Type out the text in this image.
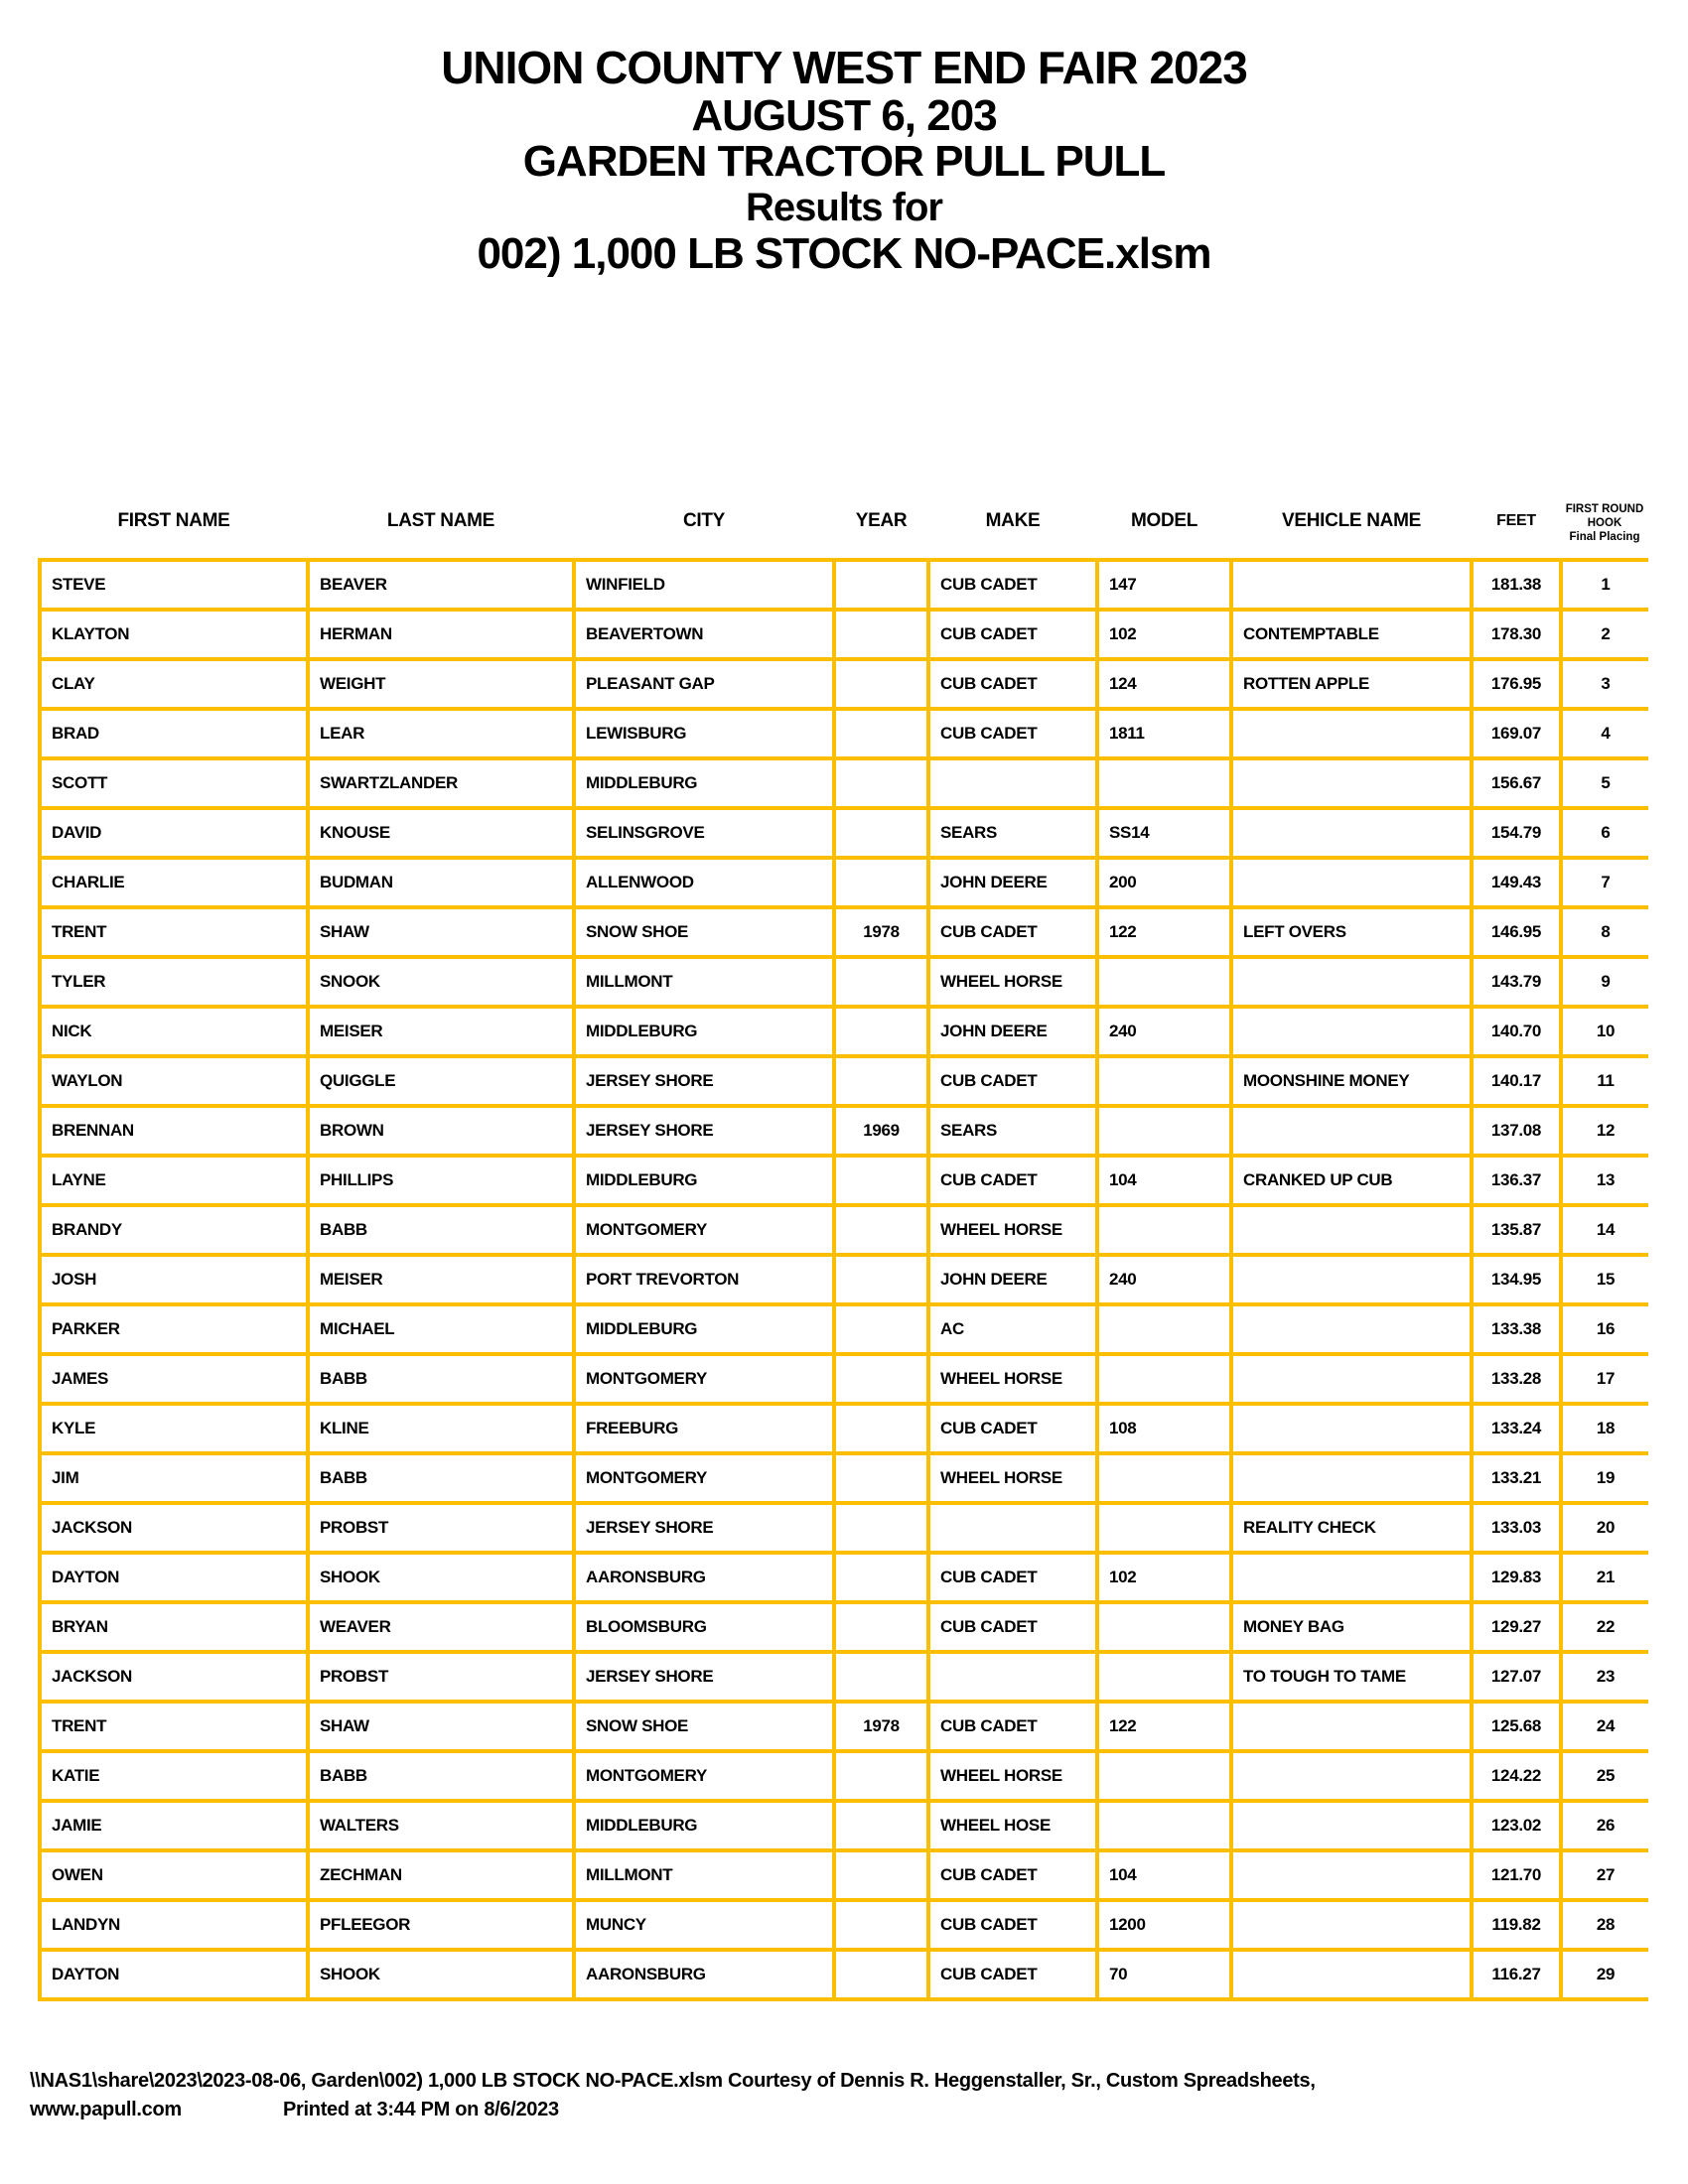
UNION COUNTY WEST END FAIR 2023
AUGUST 6, 203
GARDEN TRACTOR PULL PULL
Results for
002) 1,000 LB STOCK NO-PACE.xlsm
FIRST NAME	LAST NAME	CITY	YEAR	MAKE	MODEL	VEHICLE NAME	FEET	FIRST ROUND
HOOK
Final Placing

STEVE	BEAVER	WINFIELD		CUB CADET	147		181.38	1
KLAYTON	HERMAN	BEAVERTOWN		CUB CADET	102	CONTEMPTABLE	178.30	2
CLAY	WEIGHT	PLEASANT GAP		CUB CADET	124	ROTTEN APPLE	176.95	3
BRAD	LEAR	LEWISBURG		CUB CADET	1811		169.07	4
SCOTT	SWARTZLANDER	MIDDLEBURG					156.67	5
DAVID	KNOUSE	SELINSGROVE		SEARS	SS14		154.79	6
CHARLIE	BUDMAN	ALLENWOOD		JOHN DEERE	200		149.43	7
TRENT	SHAW	SNOW SHOE	1978	CUB CADET	122	LEFT OVERS	146.95	8
TYLER	SNOOK	MILLMONT		WHEEL HORSE			143.79	9
NICK	MEISER	MIDDLEBURG		JOHN DEERE	240		140.70	10
WAYLON	QUIGGLE	JERSEY SHORE		CUB CADET		MOONSHINE MONEY	140.17	11
BRENNAN	BROWN	JERSEY SHORE	1969	SEARS			137.08	12
LAYNE	PHILLIPS	MIDDLEBURG		CUB CADET	104	CRANKED UP CUB	136.37	13
BRANDY	BABB	MONTGOMERY		WHEEL HORSE			135.87	14
JOSH	MEISER	PORT TREVORTON		JOHN DEERE	240		134.95	15
PARKER	MICHAEL	MIDDLEBURG		AC			133.38	16
JAMES	BABB	MONTGOMERY		WHEEL HORSE			133.28	17
KYLE	KLINE	FREEBURG		CUB CADET	108		133.24	18
JIM	BABB	MONTGOMERY		WHEEL HORSE			133.21	19
JACKSON	PROBST	JERSEY SHORE				REALITY CHECK	133.03	20
DAYTON	SHOOK	AARONSBURG		CUB CADET	102		129.83	21
BRYAN	WEAVER	BLOOMSBURG		CUB CADET		MONEY BAG	129.27	22
JACKSON	PROBST	JERSEY SHORE				TO TOUGH TO TAME	127.07	23
TRENT	SHAW	SNOW SHOE	1978	CUB CADET	122		125.68	24
KATIE	BABB	MONTGOMERY		WHEEL HORSE			124.22	25
JAMIE	WALTERS	MIDDLEBURG		WHEEL HOSE			123.02	26
OWEN	ZECHMAN	MILLMONT		CUB CADET	104		121.70	27
LANDYN	PFLEEGOR	MUNCY		CUB CADET	1200		119.82	28
DAYTON	SHOOK	AARONSBURG		CUB CADET	70		116.27	29
\\NAS1\share\2023\2023-08-06, Garden\002) 1,000 LB STOCK NO-PACE.xlsm Courtesy of Dennis R. Heggenstaller, Sr., Custom Spreadsheets,
www.papull.com	Printed at 3:44 PM on 8/6/2023
